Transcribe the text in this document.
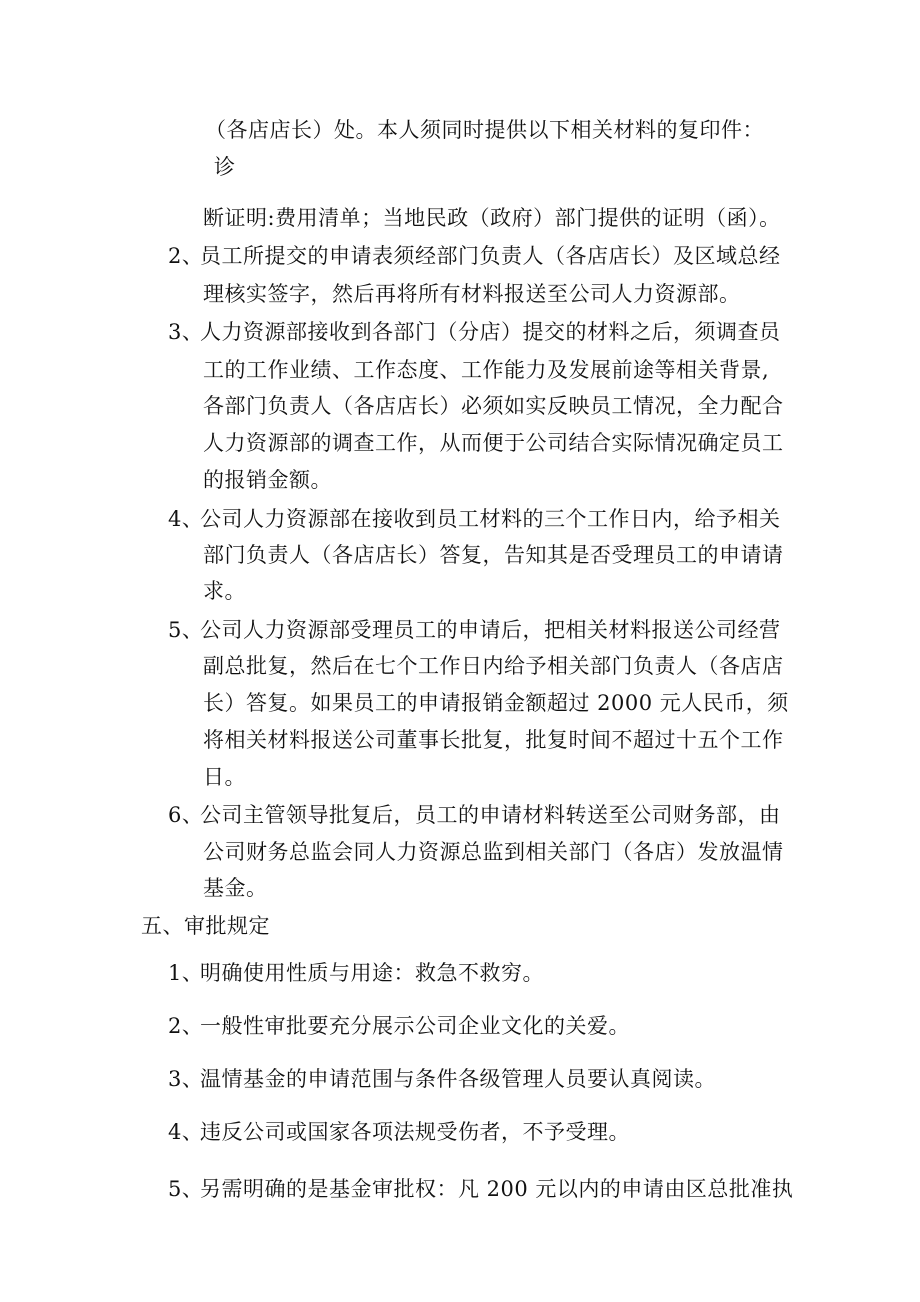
（各店店长）处。本人须同时提供以下相关材料的复印件：
诊
断证明:费用清单；当地民政（政府）部门提供的证明（函）。
2、员工所提交的申请表须经部门负责人（各店店长）及区域总经
理核实签字，然后再将所有材料报送至公司人力资源部。
3、人力资源部接收到各部门（分店）提交的材料之后，须调查员
工的工作业绩、工作态度、工作能力及发展前途等相关背景,
各部门负责人（各店店长）必须如实反映员工情况，全力配合
人力资源部的调查工作，从而便于公司结合实际情况确定员工
的报销金额。
4、公司人力资源部在接收到员工材料的三个工作日内，给予相关
部门负责人（各店店长）答复，告知其是否受理员工的申请请
求。
5、公司人力资源部受理员工的申请后，把相关材料报送公司经营
副总批复，然后在七个工作日内给予相关部门负责人（各店店
长）答复。如果员工的申请报销金额超过 2000 元人民币，须
将相关材料报送公司董事长批复，批复时间不超过十五个工作
日。
6、公司主管领导批复后，员工的申请材料转送至公司财务部，由
公司财务总监会同人力资源总监到相关部门（各店）发放温情
基金。
五、审批规定
1、明确使用性质与用途：救急不救穷。
2、一般性审批要充分展示公司企业文化的关爱。
3、温情基金的申请范围与条件各级管理人员要认真阅读。
4、违反公司或国家各项法规受伤者，不予受理。
5、另需明确的是基金审批权：凡 200 元以内的申请由区总批准执
